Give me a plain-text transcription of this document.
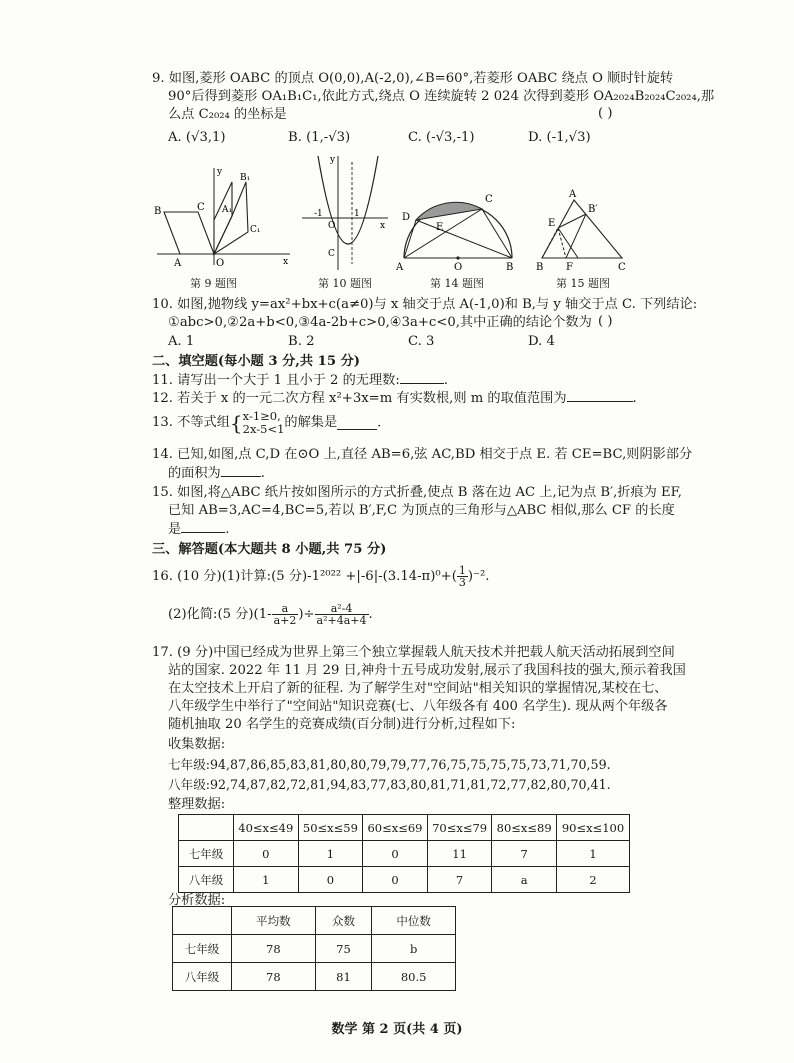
9. 如图,菱形 OABC 的顶点 O(0,0),A(-2,0),∠B=60°,若菱形 OABC 绕点 O 顺时针旋转
90°后得到菱形 OA₁B₁C₁,依此方式,绕点 O 连续旋转 2 024 次得到菱形 OA₂₀₂₄B₂₀₂₄C₂₀₂₄,那
么点 C₂₀₂₄ 的坐标是	( )
A. (√3,1)	B. (1,-√3)	C. (-√3,-1)	D. (-1,√3)
B
A
C
O
y
x
B₁
A₁
C₁
第 9 题图
y
-1
O
1
x
C
第 10 题图
C
D
E
A	O	B
第 14 题图
A
E
B′
B F	C
第 15 题图
10. 如图,抛物线 y=ax²+bx+c(a≠0)与 x 轴交于点 A(-1,0)和 B,与 y 轴交于点 C. 下列结论:
①abc>0,②2a+b<0,③4a-2b+c>0,④3a+c<0,其中正确的结论个数为 ( )
A. 1	B. 2	C. 3	D. 4
二、填空题(每小题 3 分,共 15 分)
11. 请写出一个大于 1 且小于 2 的无理数:	.
12. 若关于 x 的一元二次方程 x²+3x=m 有实数根,则 m 的取值范围为	.
13. 不等式组{ x-1≥0,
2x-5<1 的解集是	.
14. 已知,如图,点 C,D 在⊙O 上,直径 AB=6,弦 AC,BD 相交于点 E. 若 CE=BC,则阴影部分
的面积为	.
15. 如图,将△ABC 纸片按如图所示的方式折叠,使点 B 落在边 AC 上,记为点 B′,折痕为 EF,
已知 AB=3,AC=4,BC=5,若以 B′,F,C 为顶点的三角形与△ABC 相似,那么 CF 的长度
是	.
三、解答题(本大题共 8 小题,共 75 分)
16. (10 分)(1)计算:(5 分)$-1^{2022} +|-6|-(3.14-\pi)^0+( \frac{1}{3} )^{-2}$.
(2)化简:(5 分)($1- \frac{a}{a+2}$ )÷ $\frac{\text{a²-4}}{\text{a²+4a+4}}$ .
17. (9 分)中国已经成为世界上第三个独立掌握载人航天技术并把载人航天活动拓展到空间
站的国家. 2022 年 11 月 29 日,神舟十五号成功发射,展示了我国科技的强大,预示着我国
在太空技术上开启了新的征程. 为了解学生对"空间站"相关知识的掌握情况,某校在七、
八年级学生中举行了"空间站"知识竞赛(七、八年级各有 400 名学生). 现从两个年级各
随机抽取 20 名学生的竞赛成绩(百分制)进行分析,过程如下:
收集数据:
七年级:94,87,86,85,83,81,80,80,79,79,77,76,75,75,75,75,73,71,70,59.
八年级:92,74,87,82,72,81,94,83,77,83,80,81,71,81,72,77,82,80,70,41.
整理数据:
	40≤x≤49	50≤x≤59	60≤x≤69	70≤x≤79	80≤x≤89	90≤x≤100
七年级	0	1	0	11	7	1
八年级	1	0	0	7	a	2
分析数据:
	平均数	众数	中位数
七年级	78	75	b
八年级	78	81	80.5
数学 第 2 页(共 4 页)
